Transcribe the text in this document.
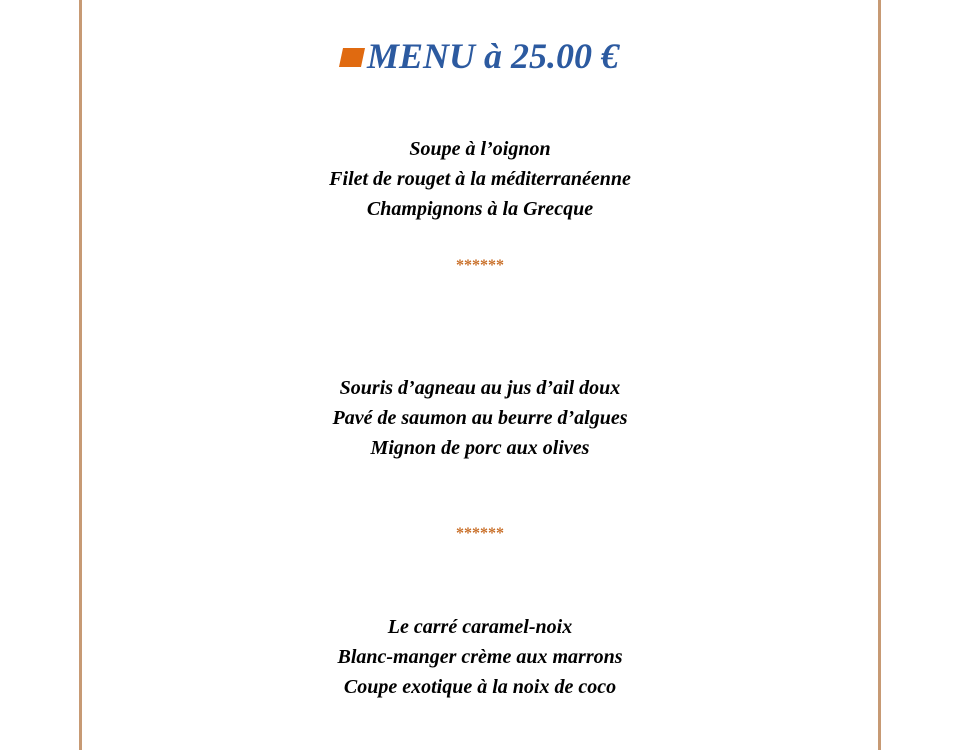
MENU à 25.00 €
Soupe à l’oignon
Filet de rouget à la méditerranéenne
Champignons à la Grecque
******
Souris d’agneau au jus d’ail doux
Pavé de saumon au beurre d’algues
Mignon de porc aux olives
******
Le carré caramel-noix
Blanc-manger crème aux marrons
Coupe exotique à la noix de coco
